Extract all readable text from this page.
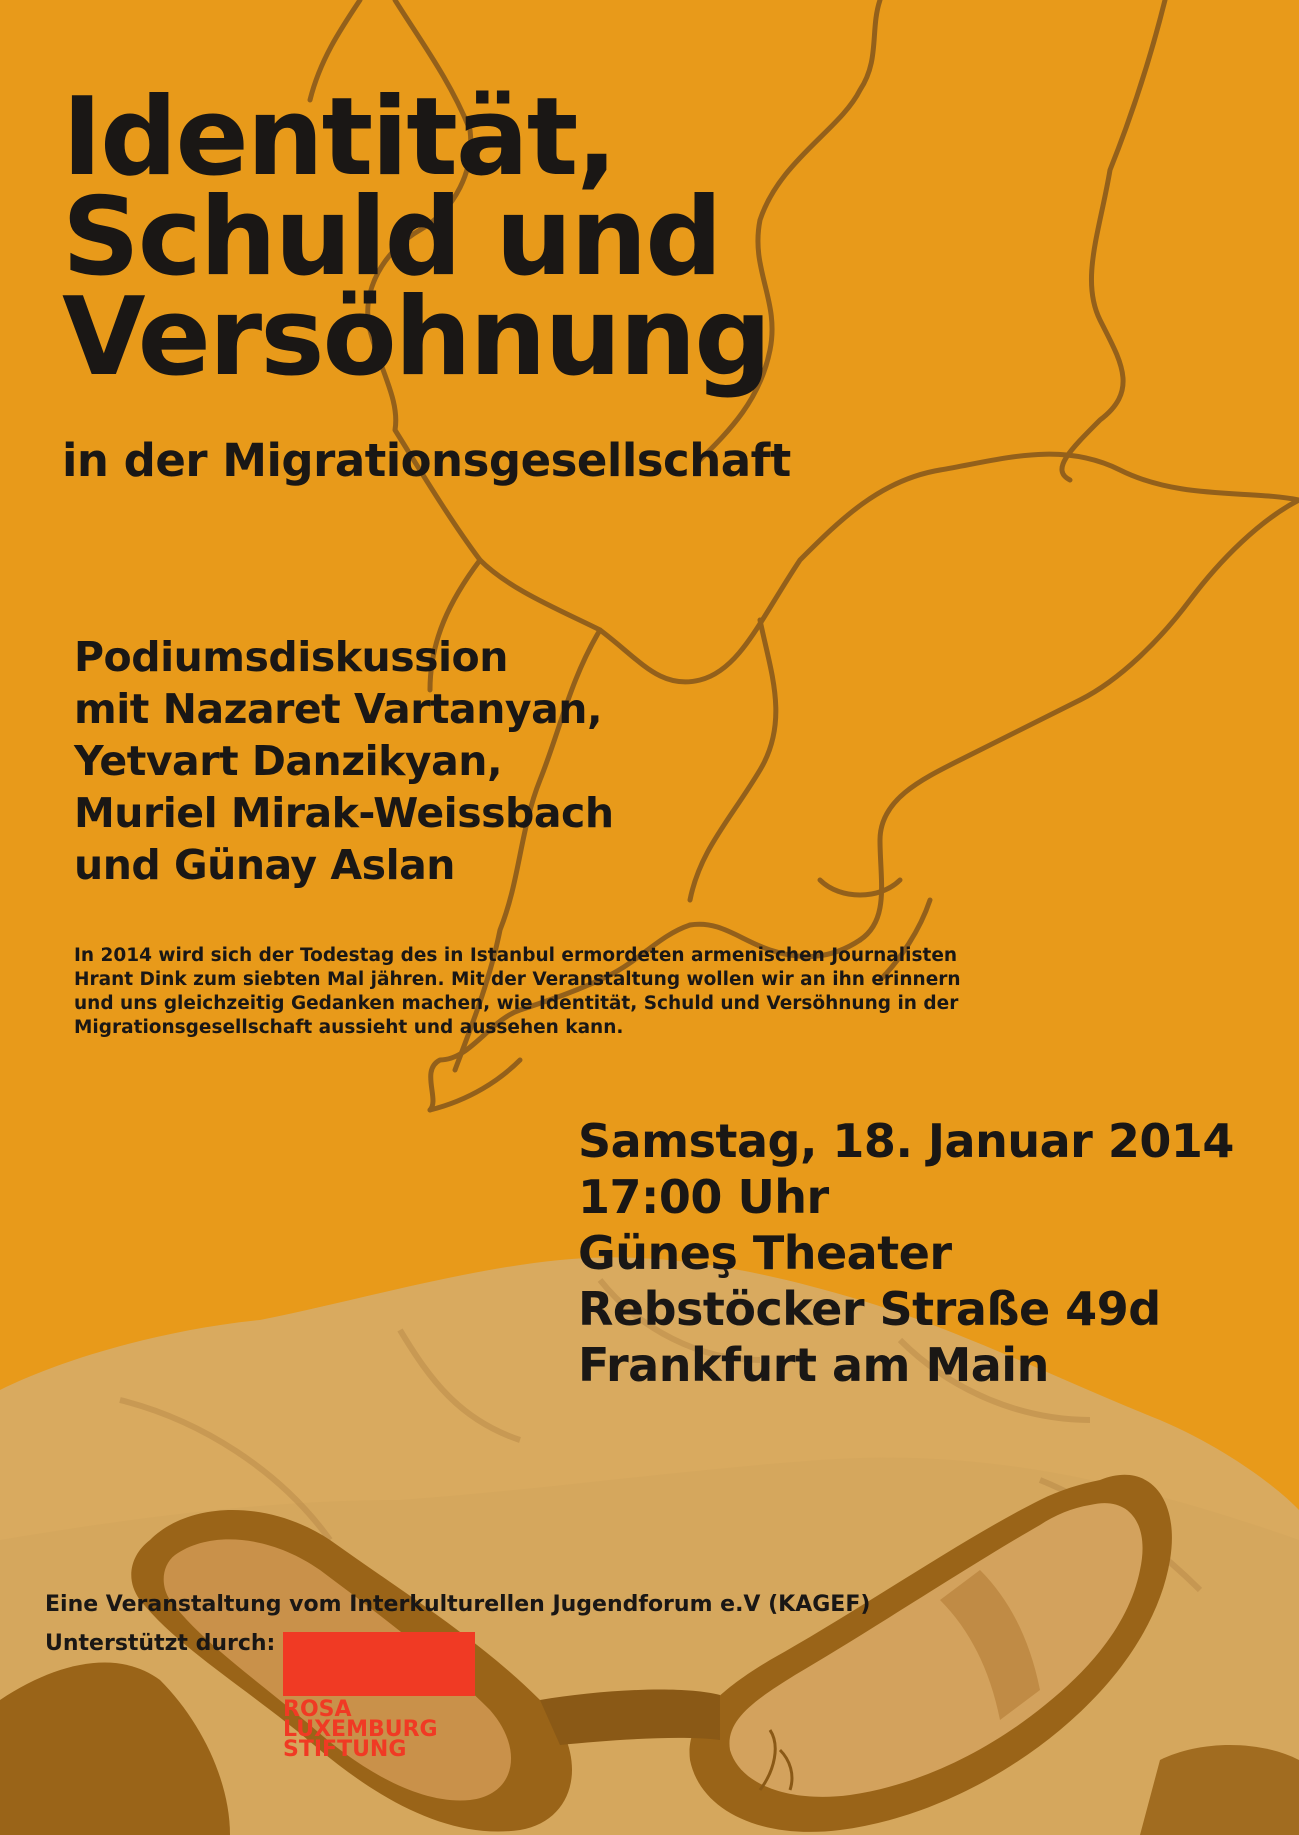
Identität,
Schuld und
Versöhnung
in der Migrationsgesellschaft
Podiumsdiskussion
mit Nazaret Vartanyan,
Yetvart Danzikyan,
Muriel Mirak-Weissbach
und Günay Aslan
In 2014 wird sich der Todestag des in Istanbul ermordeten armenischen Journalisten Hrant Dink zum siebten Mal jähren. Mit der Veranstaltung wollen wir an ihn erinnern und uns gleichzeitig Gedanken machen, wie Identität, Schuld und Versöhnung in der Migrationsgesellschaft aussieht und aussehen kann.
Samstag, 18. Januar 2014
17:00 Uhr
Güneş Theater
Rebstöcker Straße 49d
Frankfurt am Main
Eine Veranstaltung vom Interkulturellen Jugendforum e.V (KAGEF)
Unterstützt durch:
ROSA
LUXEMBURG
STIFTUNG
